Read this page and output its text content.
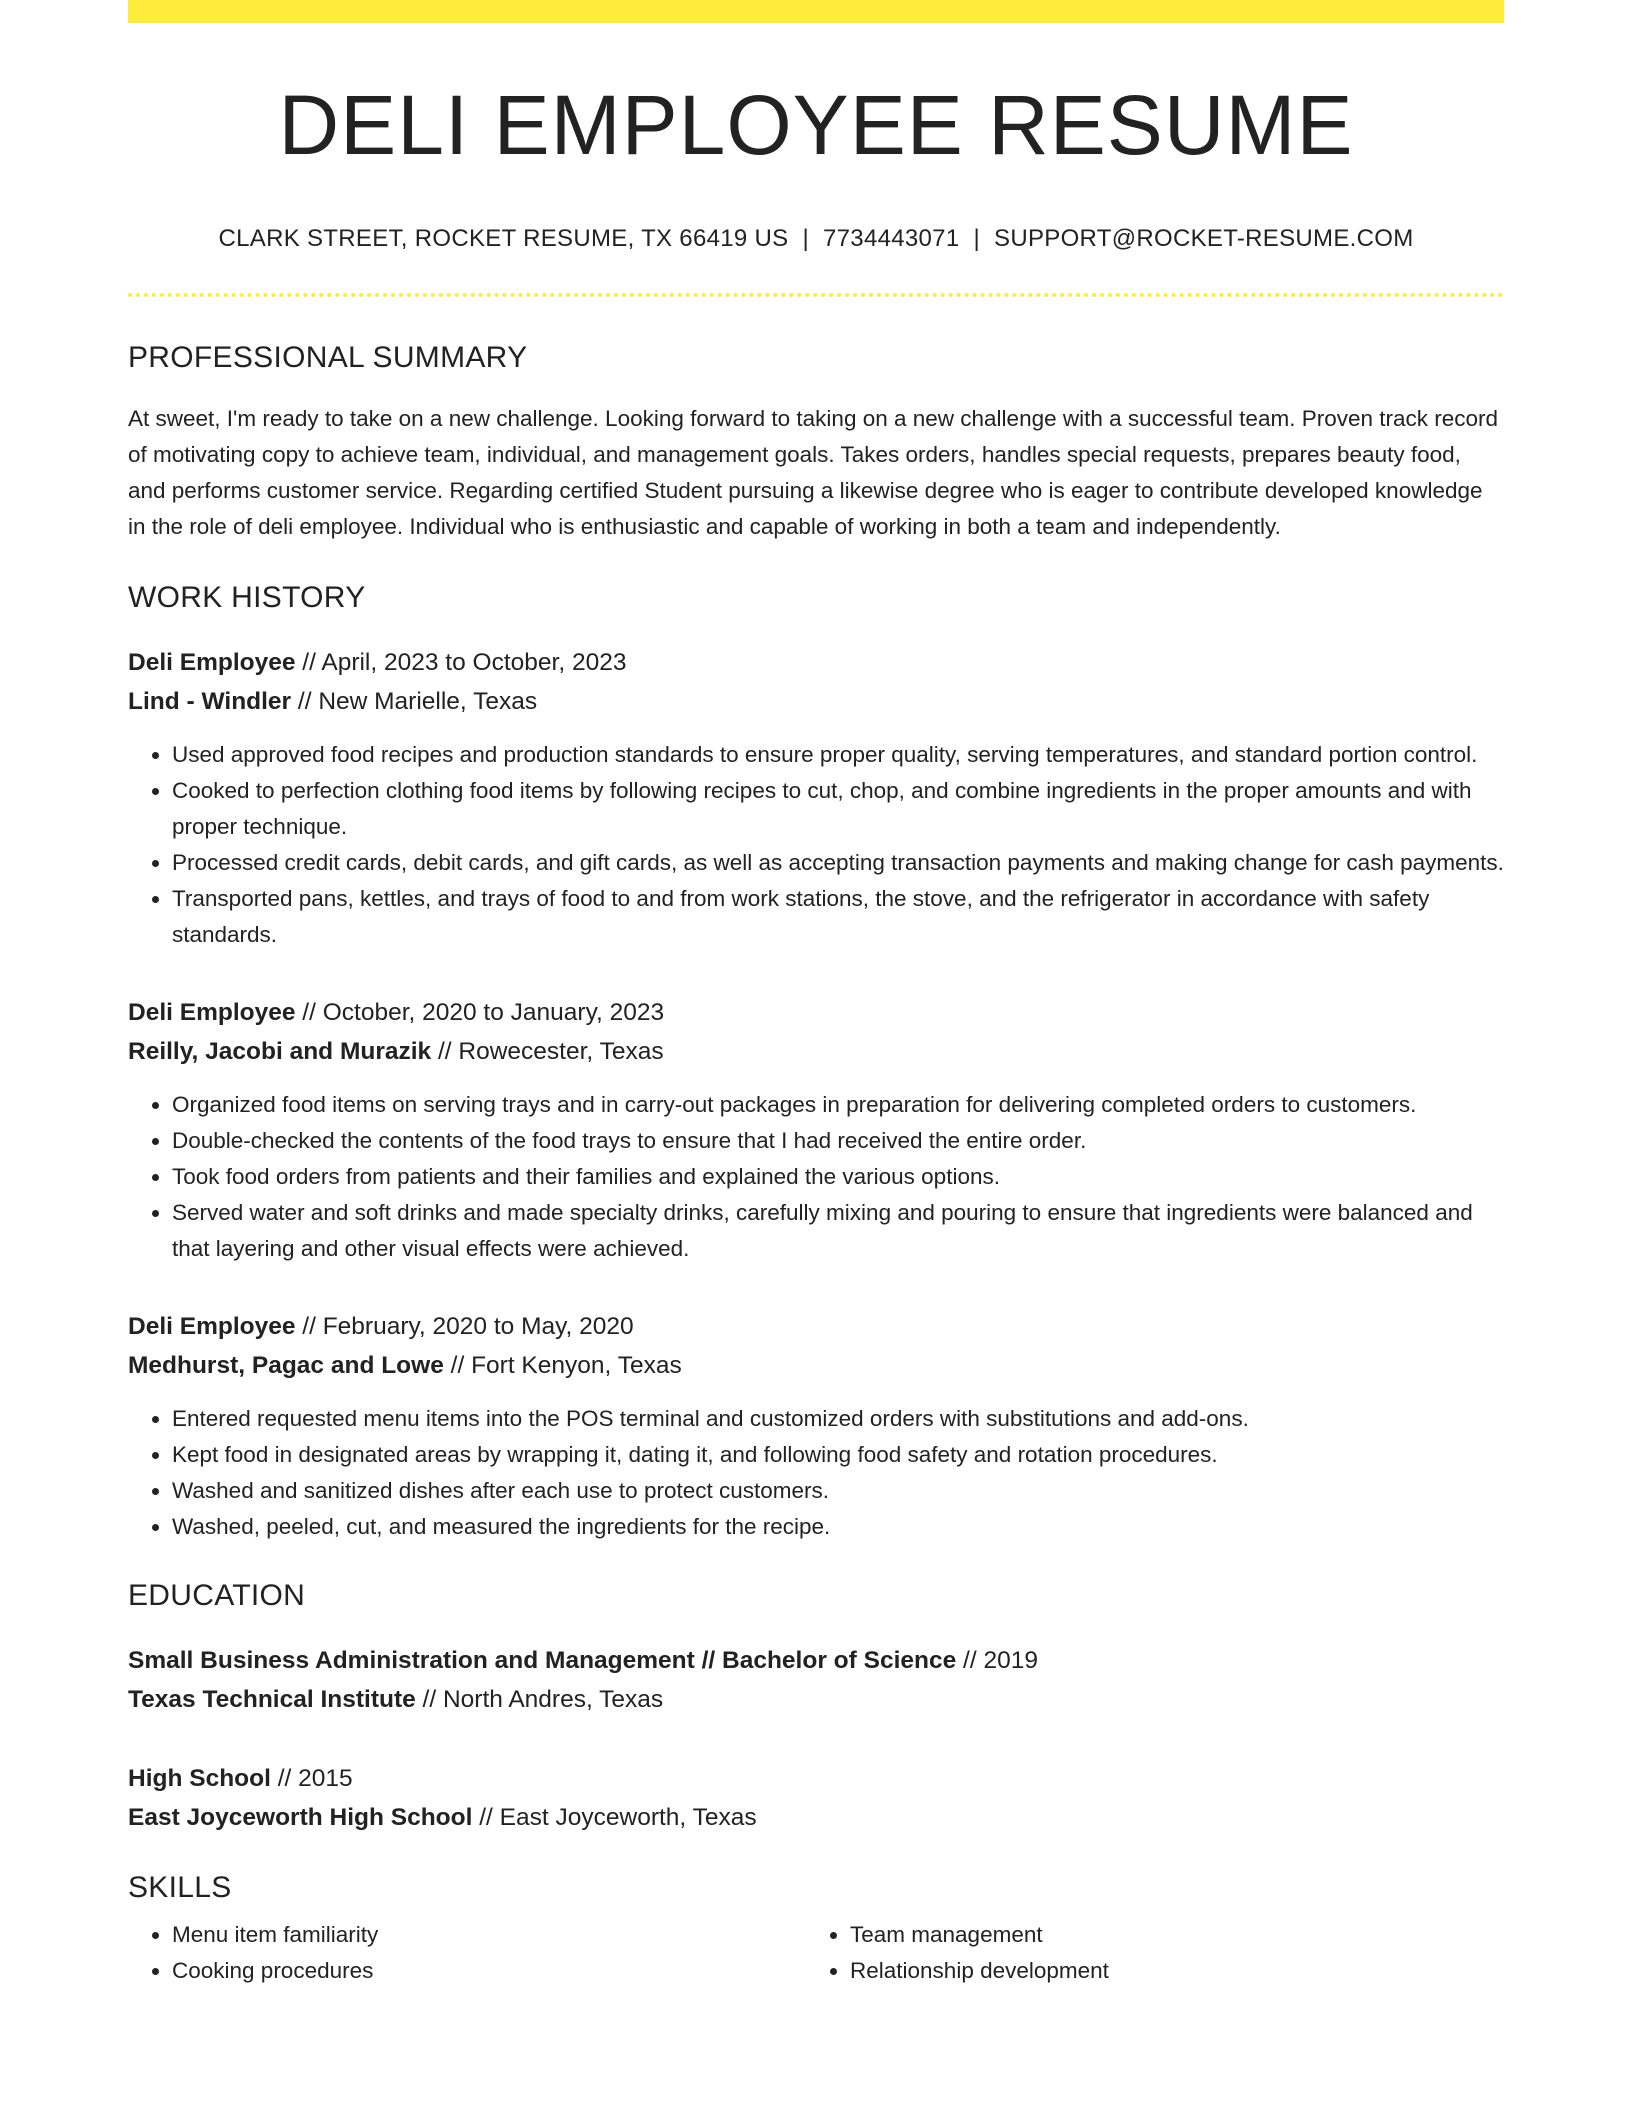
DELI EMPLOYEE RESUME
CLARK STREET, ROCKET RESUME, TX 66419 US | 7734443071 | SUPPORT@ROCKET-RESUME.COM
PROFESSIONAL SUMMARY

At sweet, I'm ready to take on a new challenge. Looking forward to taking on a new challenge with a successful team. Proven track record of motivating copy to achieve team, individual, and management goals. Takes orders, handles special requests, prepares beauty food, and performs customer service. Regarding certified Student pursuing a likewise degree who is eager to contribute developed knowledge in the role of deli employee. Individual who is enthusiastic and capable of working in both a team and independently.

WORK HISTORY
Deli Employee // April, 2023 to October, 2023
Lind - Windler // New Marielle, Texas
• Used approved food recipes and production standards to ensure proper quality, serving temperatures, and standard portion control.
• Cooked to perfection clothing food items by following recipes to cut, chop, and combine ingredients in the proper amounts and with proper technique.
• Processed credit cards, debit cards, and gift cards, as well as accepting transaction payments and making change for cash payments.
• Transported pans, kettles, and trays of food to and from work stations, the stove, and the refrigerator in accordance with safety standards.
Deli Employee // October, 2020 to January, 2023
Reilly, Jacobi and Murazik // Rowecester, Texas
• Organized food items on serving trays and in carry-out packages in preparation for delivering completed orders to customers.
• Double-checked the contents of the food trays to ensure that I had received the entire order.
• Took food orders from patients and their families and explained the various options.
• Served water and soft drinks and made specialty drinks, carefully mixing and pouring to ensure that ingredients were balanced and that layering and other visual effects were achieved.
Deli Employee // February, 2020 to May, 2020
Medhurst, Pagac and Lowe // Fort Kenyon, Texas
• Entered requested menu items into the POS terminal and customized orders with substitutions and add-ons.
• Kept food in designated areas by wrapping it, dating it, and following food safety and rotation procedures.
• Washed and sanitized dishes after each use to protect customers.
• Washed, peeled, cut, and measured the ingredients for the recipe.
EDUCATION
Small Business Administration and Management // Bachelor of Science // 2019
Texas Technical Institute // North Andres, Texas
High School // 2015
East Joyceworth High School // East Joyceworth, Texas
SKILLS
• Menu item familiarity
• Cooking procedures
• Team management
• Relationship development
